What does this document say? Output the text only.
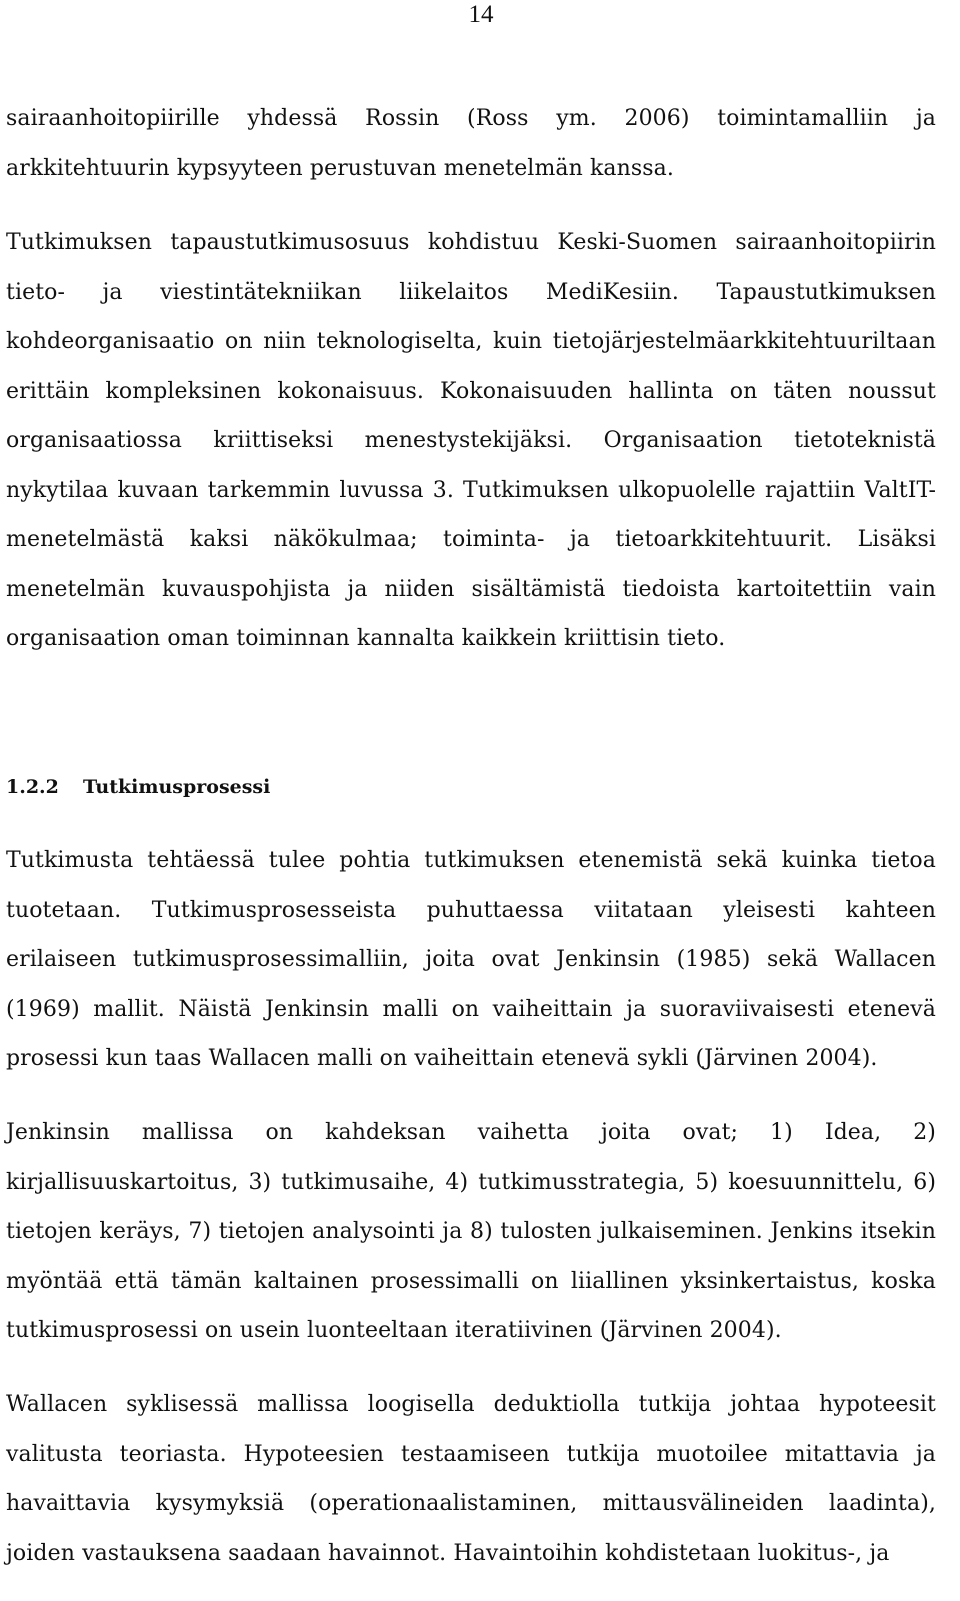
14

sairaanhoitopiirille yhdessä Rossin (Ross ym. 2006) toimintamalliin ja arkkitehtuurin kypsyyteen perustuvan menetelmän kanssa.

Tutkimuksen tapaustutkimusosuus kohdistuu Keski-Suomen sairaanhoitopiirin tieto- ja viestintätekniikan liikelaitos MediKesiin. Tapaustutkimuksen kohdeorganisaatio on niin teknologiselta, kuin tietojärjestelmäarkkitehtuuriltaan erittäin kompleksinen kokonaisuus. Kokonaisuuden hallinta on täten noussut organisaatiossa kriittiseksi menestystekijäksi. Organisaation tietoteknistä nykytilaa kuvaan tarkemmin luvussa 3. Tutkimuksen ulkopuolelle rajattiin ValtIT-menetelmästä kaksi näkökulmaa; toiminta- ja tietoarkkitehtuurit. Lisäksi menetelmän kuvauspohjista ja niiden sisältämistä tiedoista kartoitettiin vain organisaation oman toiminnan kannalta kaikkein kriittisin tieto.

1.2.2 Tutkimusprosessi

Tutkimusta tehtäessä tulee pohtia tutkimuksen etenemistä sekä kuinka tietoa tuotetaan. Tutkimusprosesseista puhuttaessa viitataan yleisesti kahteen erilaiseen tutkimusprosessimalliin, joita ovat Jenkinsin (1985) sekä Wallacen (1969) mallit. Näistä Jenkinsin malli on vaiheittain ja suoraviivaisesti etenevä prosessi kun taas Wallacen malli on vaiheittain etenevä sykli (Järvinen 2004).

Jenkinsin mallissa on kahdeksan vaihetta joita ovat; 1) Idea, 2) kirjallisuuskartoitus, 3) tutkimusaihe, 4) tutkimusstrategia, 5) koesuunnittelu, 6) tietojen keräys, 7) tietojen analysointi ja 8) tulosten julkaiseminen. Jenkins itsekin myöntää että tämän kaltainen prosessimalli on liiallinen yksinkertaistus, koska tutkimusprosessi on usein luonteeltaan iteratiivinen (Järvinen 2004).

Wallacen syklisessä mallissa loogisella deduktiolla tutkija johtaa hypoteesit valitusta teoriasta. Hypoteesien testaamiseen tutkija muotoilee mitattavia ja havaittavia kysymyksiä (operationaalistaminen, mittausvälineiden laadinta), joiden vastauksena saadaan havainnot. Havaintoihin kohdistetaan luokitus-, ja
